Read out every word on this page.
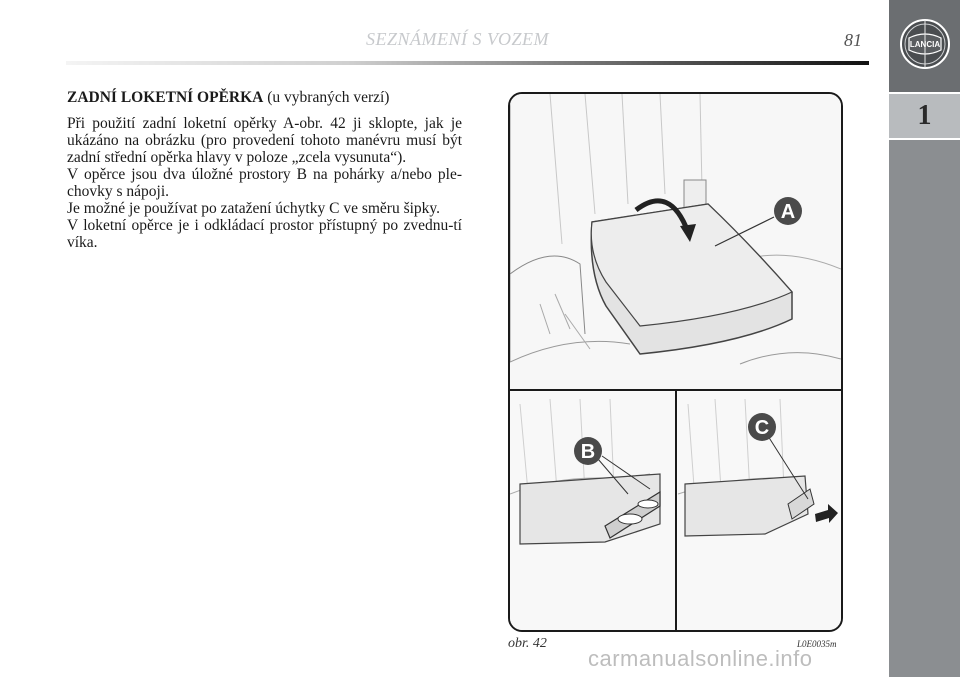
SEZNÁMENÍ S VOZEM	81	LANCIA
1
ZADNÍ LOKETNÍ OPĚRKA (u vybraných verzí)

Při použití zadní loketní opěrky A-obr. 42 ji sklopte, jak je ukázáno na obrázku (pro provedení tohoto manévru musí být zadní střední opěrka hlavy v poloze „zcela vysunuta“).

V opěrce jsou dva úložné prostory B na pohárky a/nebo ple-chovky s nápoji.

Je možné je používat po zatažení úchytky C ve směru šipky.

V loketní opěrce je i odkládací prostor přístupný po zvednu-tí víka.

A
B
C
obr. 42	L0E0035m
carmanualsonline.info
